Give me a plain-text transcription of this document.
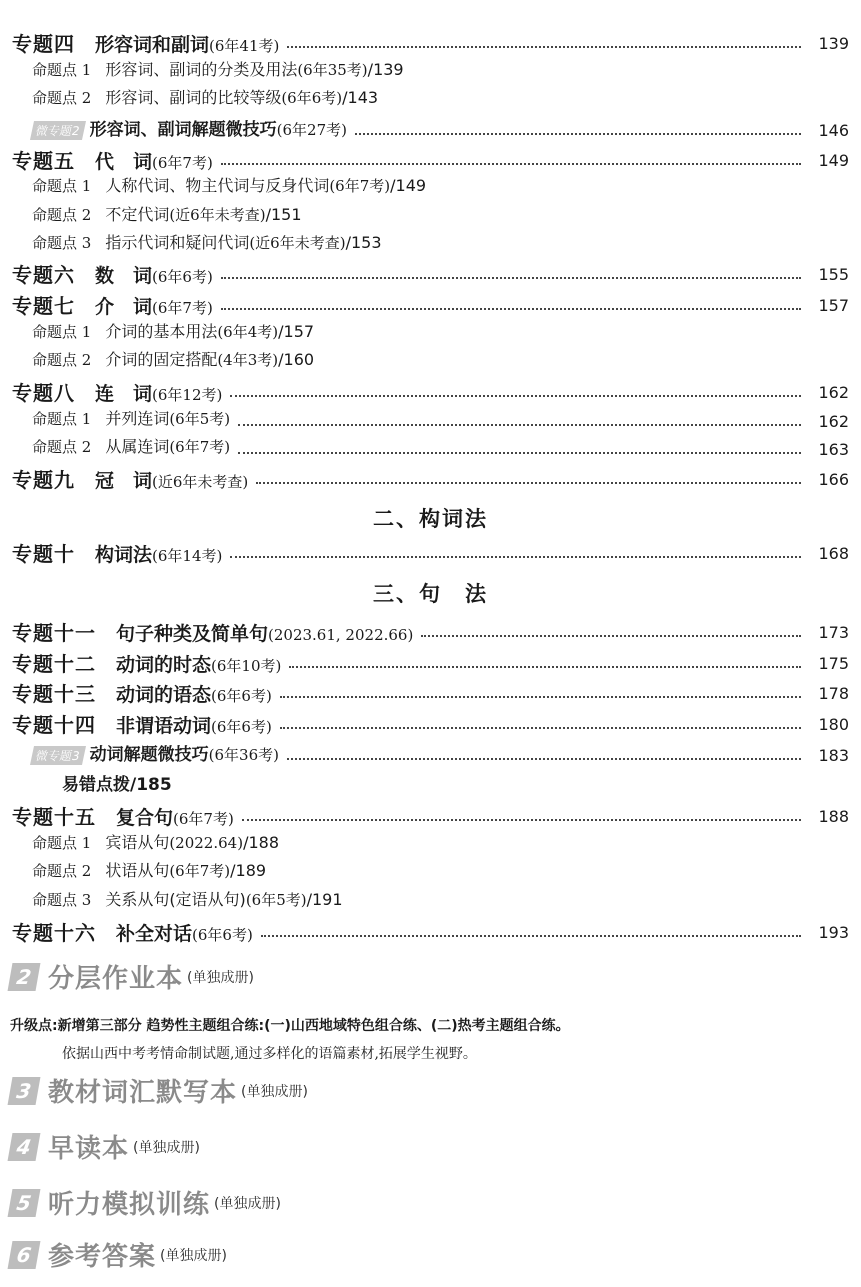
专题四 形容词和副词 (6年41考)	139
命题点 1 形容词、副词的分类及用法 (6年35考) /139
命题点 2 形容词、副词的比较等级 (6年6考) /143
微专题2 形容词、副词解题微技巧 (6年27考)	146
专题五 代　词 (6年7考)	149
命题点 1 人称代词、物主代词与反身代词 (6年7考) /149
命题点 2 不定代词 (近6年未考查) /151
命题点 3 指示代词和疑问代词 (近6年未考查) /153
专题六 数　词 (6年6考)	155
专题七 介　词 (6年7考)	157
命题点 1 介词的基本用法 (6年4考) /157
命题点 2 介词的固定搭配 (4年3考) /160
专题八 连　词 (6年12考)	162
命题点 1 并列连词 (6年5考)	162
命题点 2 从属连词 (6年7考)	163
专题九 冠　词 (近6年未考查)	166
专题十 构词法 (6年14考)	168
专题十一 句子种类及简单句 (2023.61, 2022.66)	173
专题十二 动词的时态 (6年10考)	175
专题十三 动词的语态 (6年6考)	178
专题十四 非谓语动词 (6年6考)	180
微专题3 动词解题微技巧 (6年36考)	183
易错点拨/185
专题十五 复合句 (6年7考)	188
命题点 1 宾语从句 (2022.64) /188
命题点 2 状语从句 (6年7考) /189
命题点 3 关系从句(定语从句) (6年5考) /191
专题十六 补全对话 (6年6考)	193
二、构词法
三、句　法
2 分层作业本 (单独成册)
3 教材词汇默写本 (单独成册)
4 早读本 (单独成册)
5 听力模拟训练 (单独成册)
6 参考答案 (单独成册)
升级点:新增第三部分 趋势性主题组合练:(一)山西地域特色组合练、(二)热考主题组合练。
依据山西中考考情命制试题,通过多样化的语篇素材,拓展学生视野。
